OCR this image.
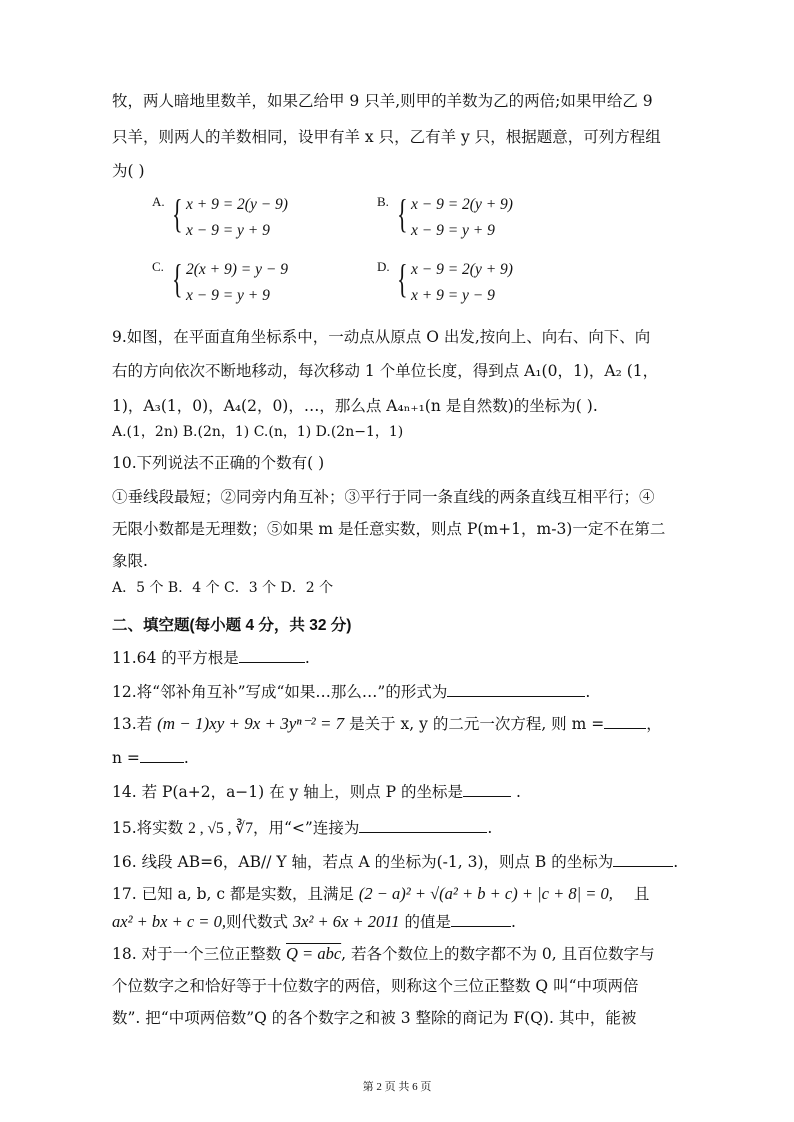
牧，两人暗地里数羊，如果乙给甲 9 只羊,则甲的羊数为乙的两倍;如果甲给乙 9
只羊，则两人的羊数相同，设甲有羊 x 只，乙有羊 y 只，根据题意，可列方程组
为( )
A. { x + 9 = 2(y − 9)
x − 9 = y + 9
B. { x − 9 = 2(y + 9)
x − 9 = y + 9
C. { 2(x + 9) = y − 9
x − 9 = y + 9
D. { x − 9 = 2(y + 9)
x + 9 = y − 9
9.如图，在平面直角坐标系中，一动点从原点 O 出发,按向上、向右、向下、向
右的方向依次不断地移动，每次移动 1 个单位长度，得到点 A₁(0，1)，A₂ (1，
1)，A₃(1，0)，A₄(2，0)，…，那么点 A₄ₙ₊₁(n 是自然数)的坐标为( ).
A.(1，2n) B.(2n，1) C.(n，1) D.(2n−1，1)
10.下列说法不正确的个数有( )
①垂线段最短；②同旁内角互补；③平行于同一条直线的两条直线互相平行；④
无限小数都是无理数；⑤如果 m 是任意实数，则点 P(m+1，m-3)一定不在第二
象限.
A．5 个 B．4 个 C．3 个 D．2 个
二、填空题(每小题 4 分，共 32 分)
11.64 的平方根是	.
12.将“邻补角互补”写成“如果…那么…”的形式为	.
13.若 (m − 1)xy + 9x + 3yⁿ⁻² = 7 是关于 x, y 的二元一次方程, 则 m =	，
n =	.
14. 若 P(a+2，a−1) 在 y 轴上，则点 P 的坐标是	.
15.将实数 2 , √5 , ∛7，用“<”连接为	.
16. 线段 AB=6，AB// Y 轴，若点 A 的坐标为(-1, 3)，则点 B 的坐标为	.
17. 已知 a, b, c 都是实数，且满足 (2 − a)² + √(a² + b + c) + |c + 8| = 0, 且
ax² + bx + c = 0,则代数式 3x² + 6x + 2011 的值是	.
18. 对于一个三位正整数 Q = abc, 若各个数位上的数字都不为 0, 且百位数字与
个位数字之和恰好等于十位数字的两倍，则称这个三位正整数 Q 叫“中项两倍
数”. 把“中项两倍数”Q 的各个数字之和被 3 整除的商记为 F(Q). 其中，能被
第 2 页 共 6 页
